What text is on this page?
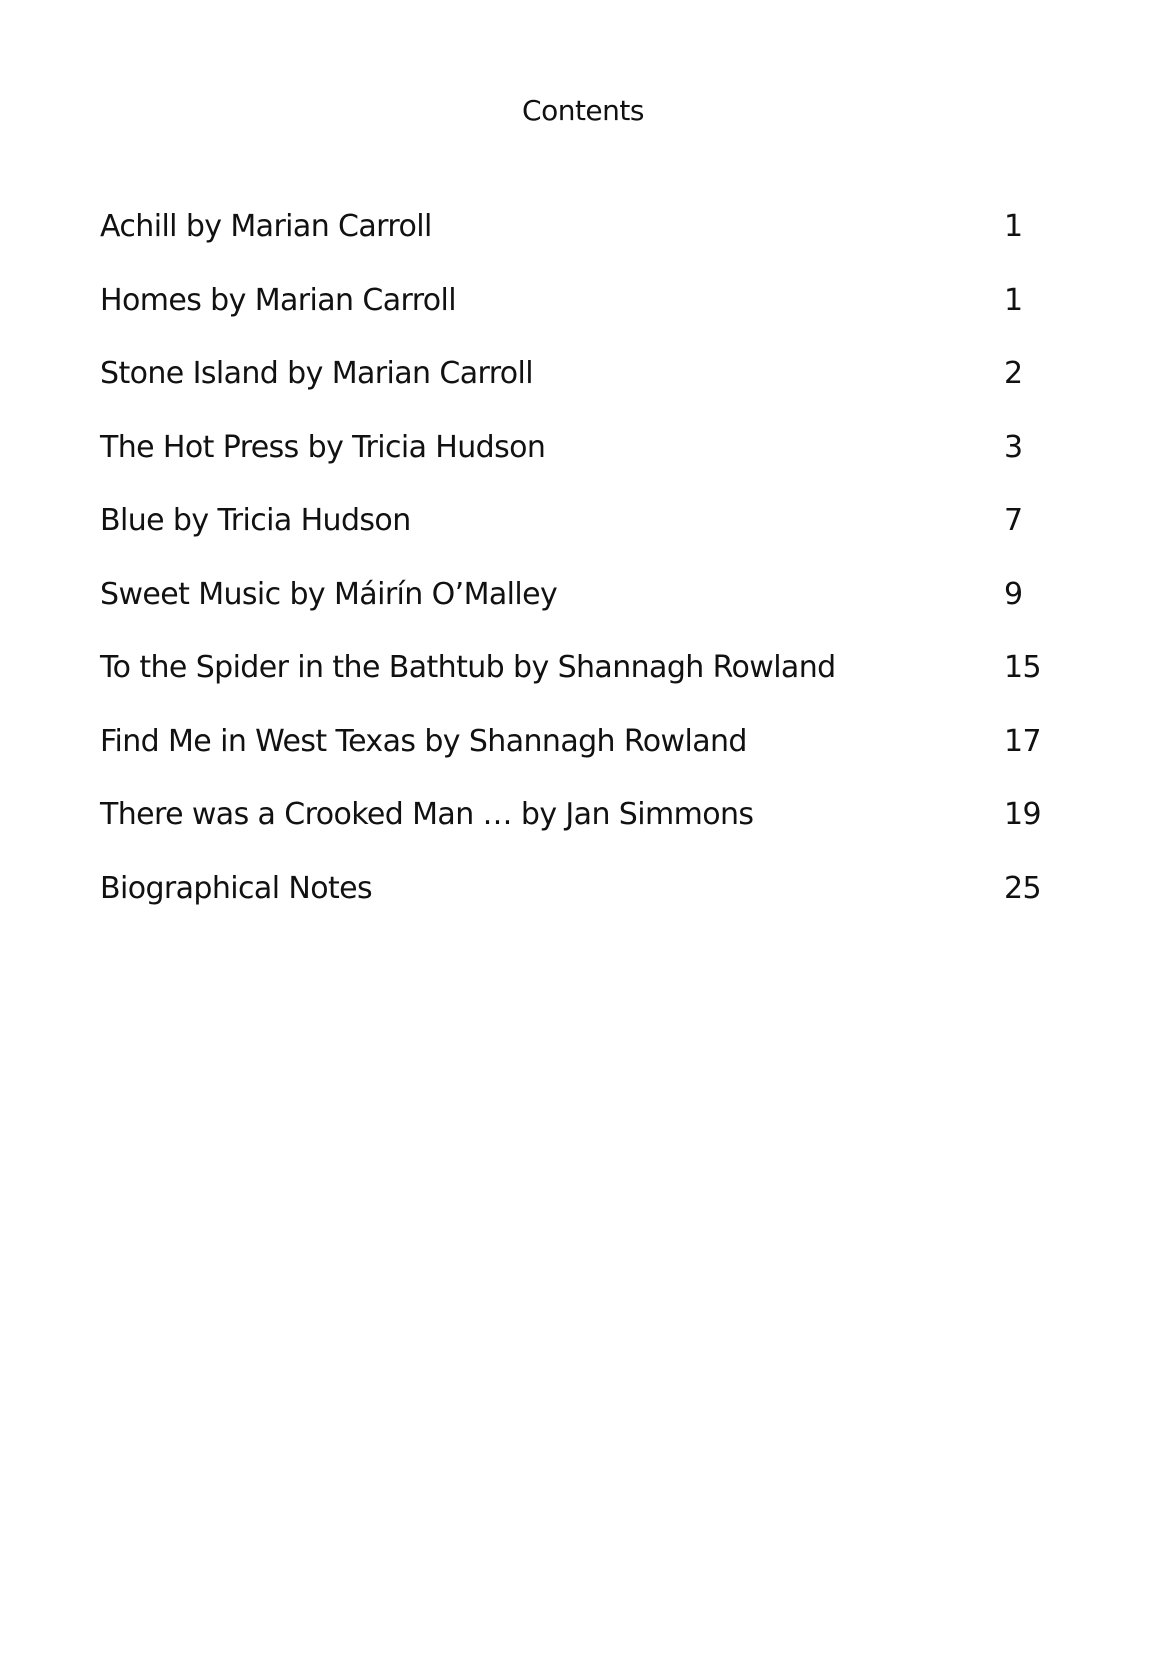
Contents
Achill by Marian Carroll	1
Homes by Marian Carroll	1
Stone Island by Marian Carroll	2
The Hot Press by Tricia Hudson	3
Blue by Tricia Hudson	7
Sweet Music by Máirín O’Malley	9
To the Spider in the Bathtub by Shannagh Rowland	15
Find Me in West Texas by Shannagh Rowland	17
There was a Crooked Man … by Jan Simmons	19
Biographical Notes	25
